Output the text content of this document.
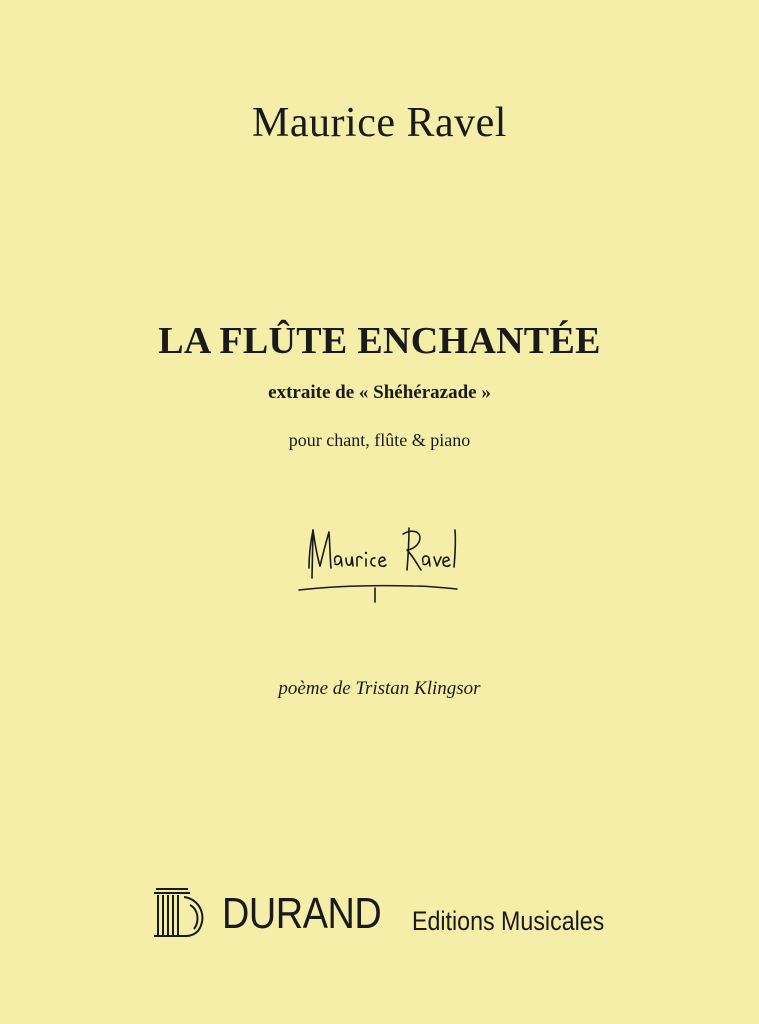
Maurice Ravel
LA FLÛTE ENCHANTÉE
extraite de « Shéhérazade »
pour chant, flûte & piano
poème de Tristan Klingsor
DURAND Editions Musicales
